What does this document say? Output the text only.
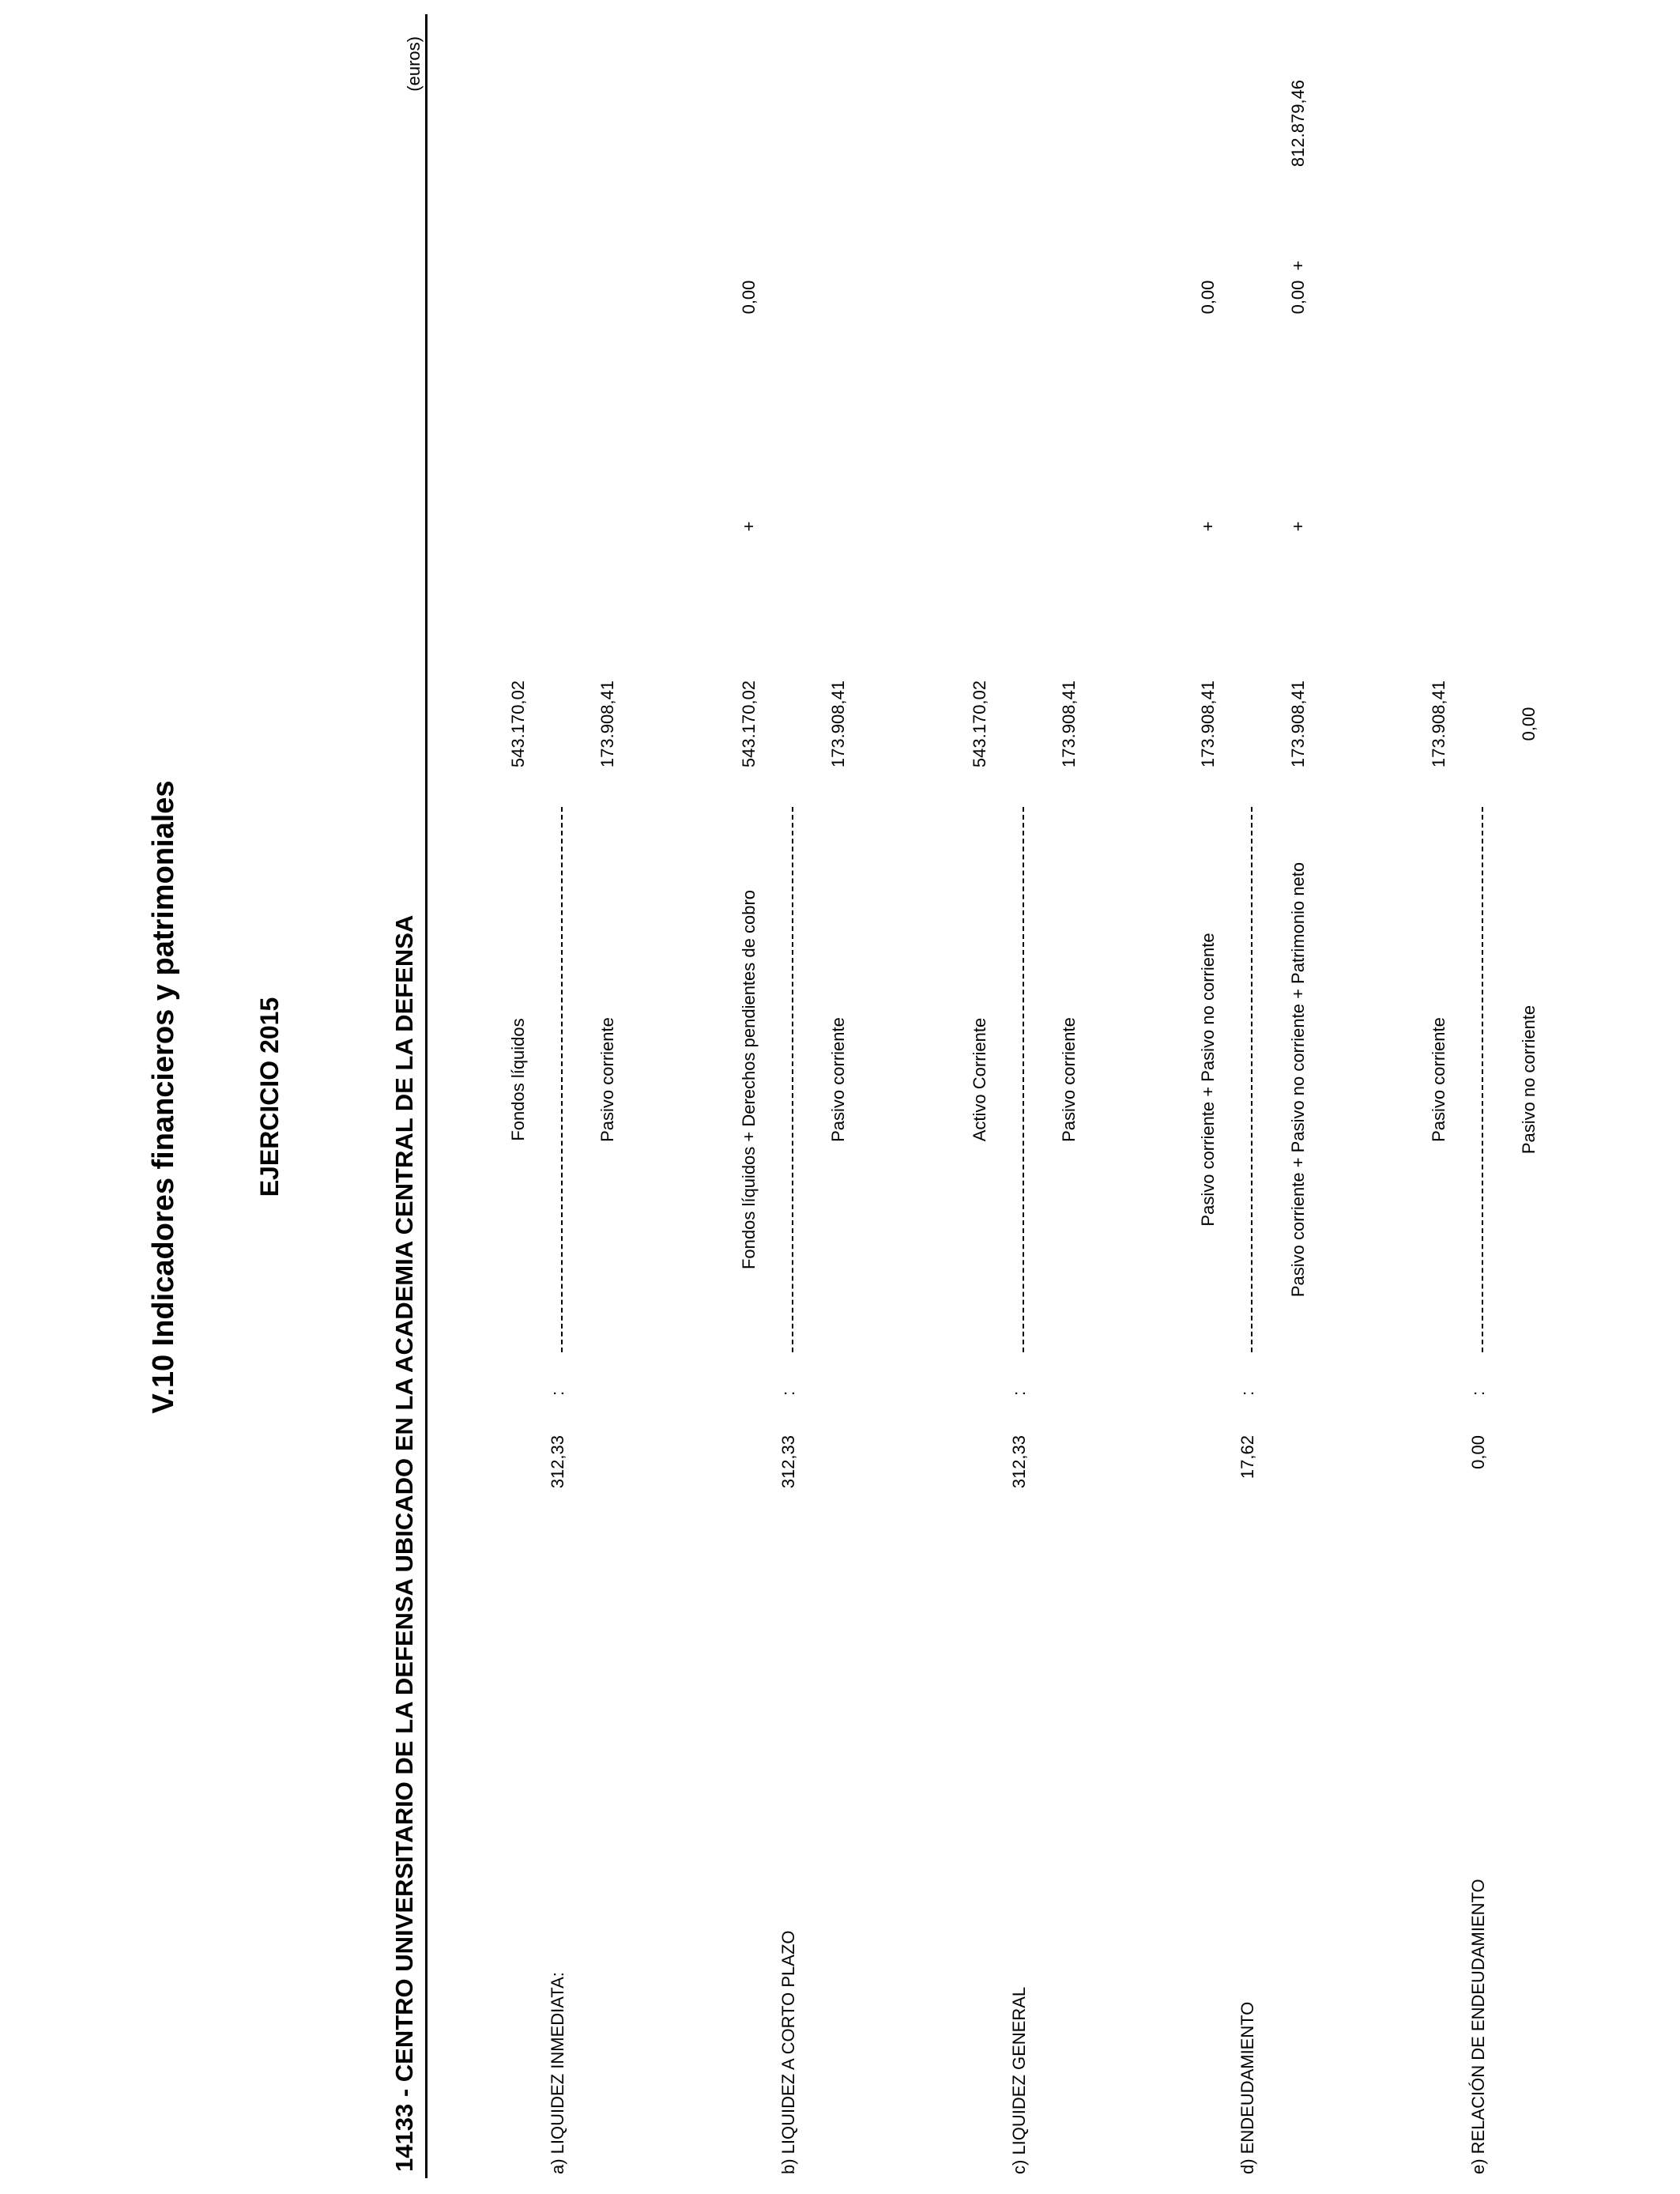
V.10 Indicadores financieros y patrimoniales	EJERCICIO 2015	14133 - CENTRO UNIVERSITARIO DE LA DEFENSA UBICADO EN LA ACADEMIA CENTRAL DE LA DEFENSA
(euros)
a) LIQUIDEZ INMEDIATA:
312,33
:
Fondos líquidos
543.170,02
Pasivo corriente
173.908,41
b) LIQUIDEZ A CORTO PLAZO
312,33
:
Fondos líquidos + Derechos pendientes de cobro
543.170,02
+
0,00
Pasivo corriente
173.908,41
c) LIQUIDEZ GENERAL
312,33
:
Activo Corriente
543.170,02
Pasivo corriente
173.908,41
d) ENDEUDAMIENTO
17,62
:
Pasivo corriente + Pasivo no corriente
173.908,41
+
0,00
Pasivo corriente + Pasivo no corriente + Patrimonio neto
173.908,41
+
0,00
+
812.879,46
e) RELACIÓN DE ENDEUDAMIENTO
0,00
:
Pasivo corriente
173.908,41
Pasivo no corriente
0,00
